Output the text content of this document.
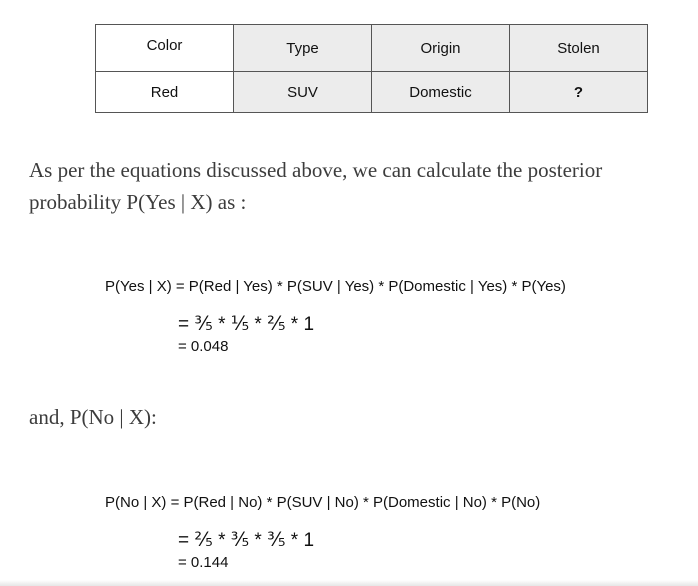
Color	Type	Origin	Stolen
Red	SUV	Domestic	?

As per the equations discussed above, we can calculate the posterior probability P(Yes | X) as :

P(Yes | X) = P(Red | Yes) * P(SUV | Yes) * P(Domestic | Yes) * P(Yes)

= ⅗ * ⅕ * ⅖ * 1

= 0.048

and, P(No | X):

P(No | X) = P(Red | No) * P(SUV | No) * P(Domestic | No) * P(No)

= ⅖ * ⅗ * ⅗ * 1

= 0.144
